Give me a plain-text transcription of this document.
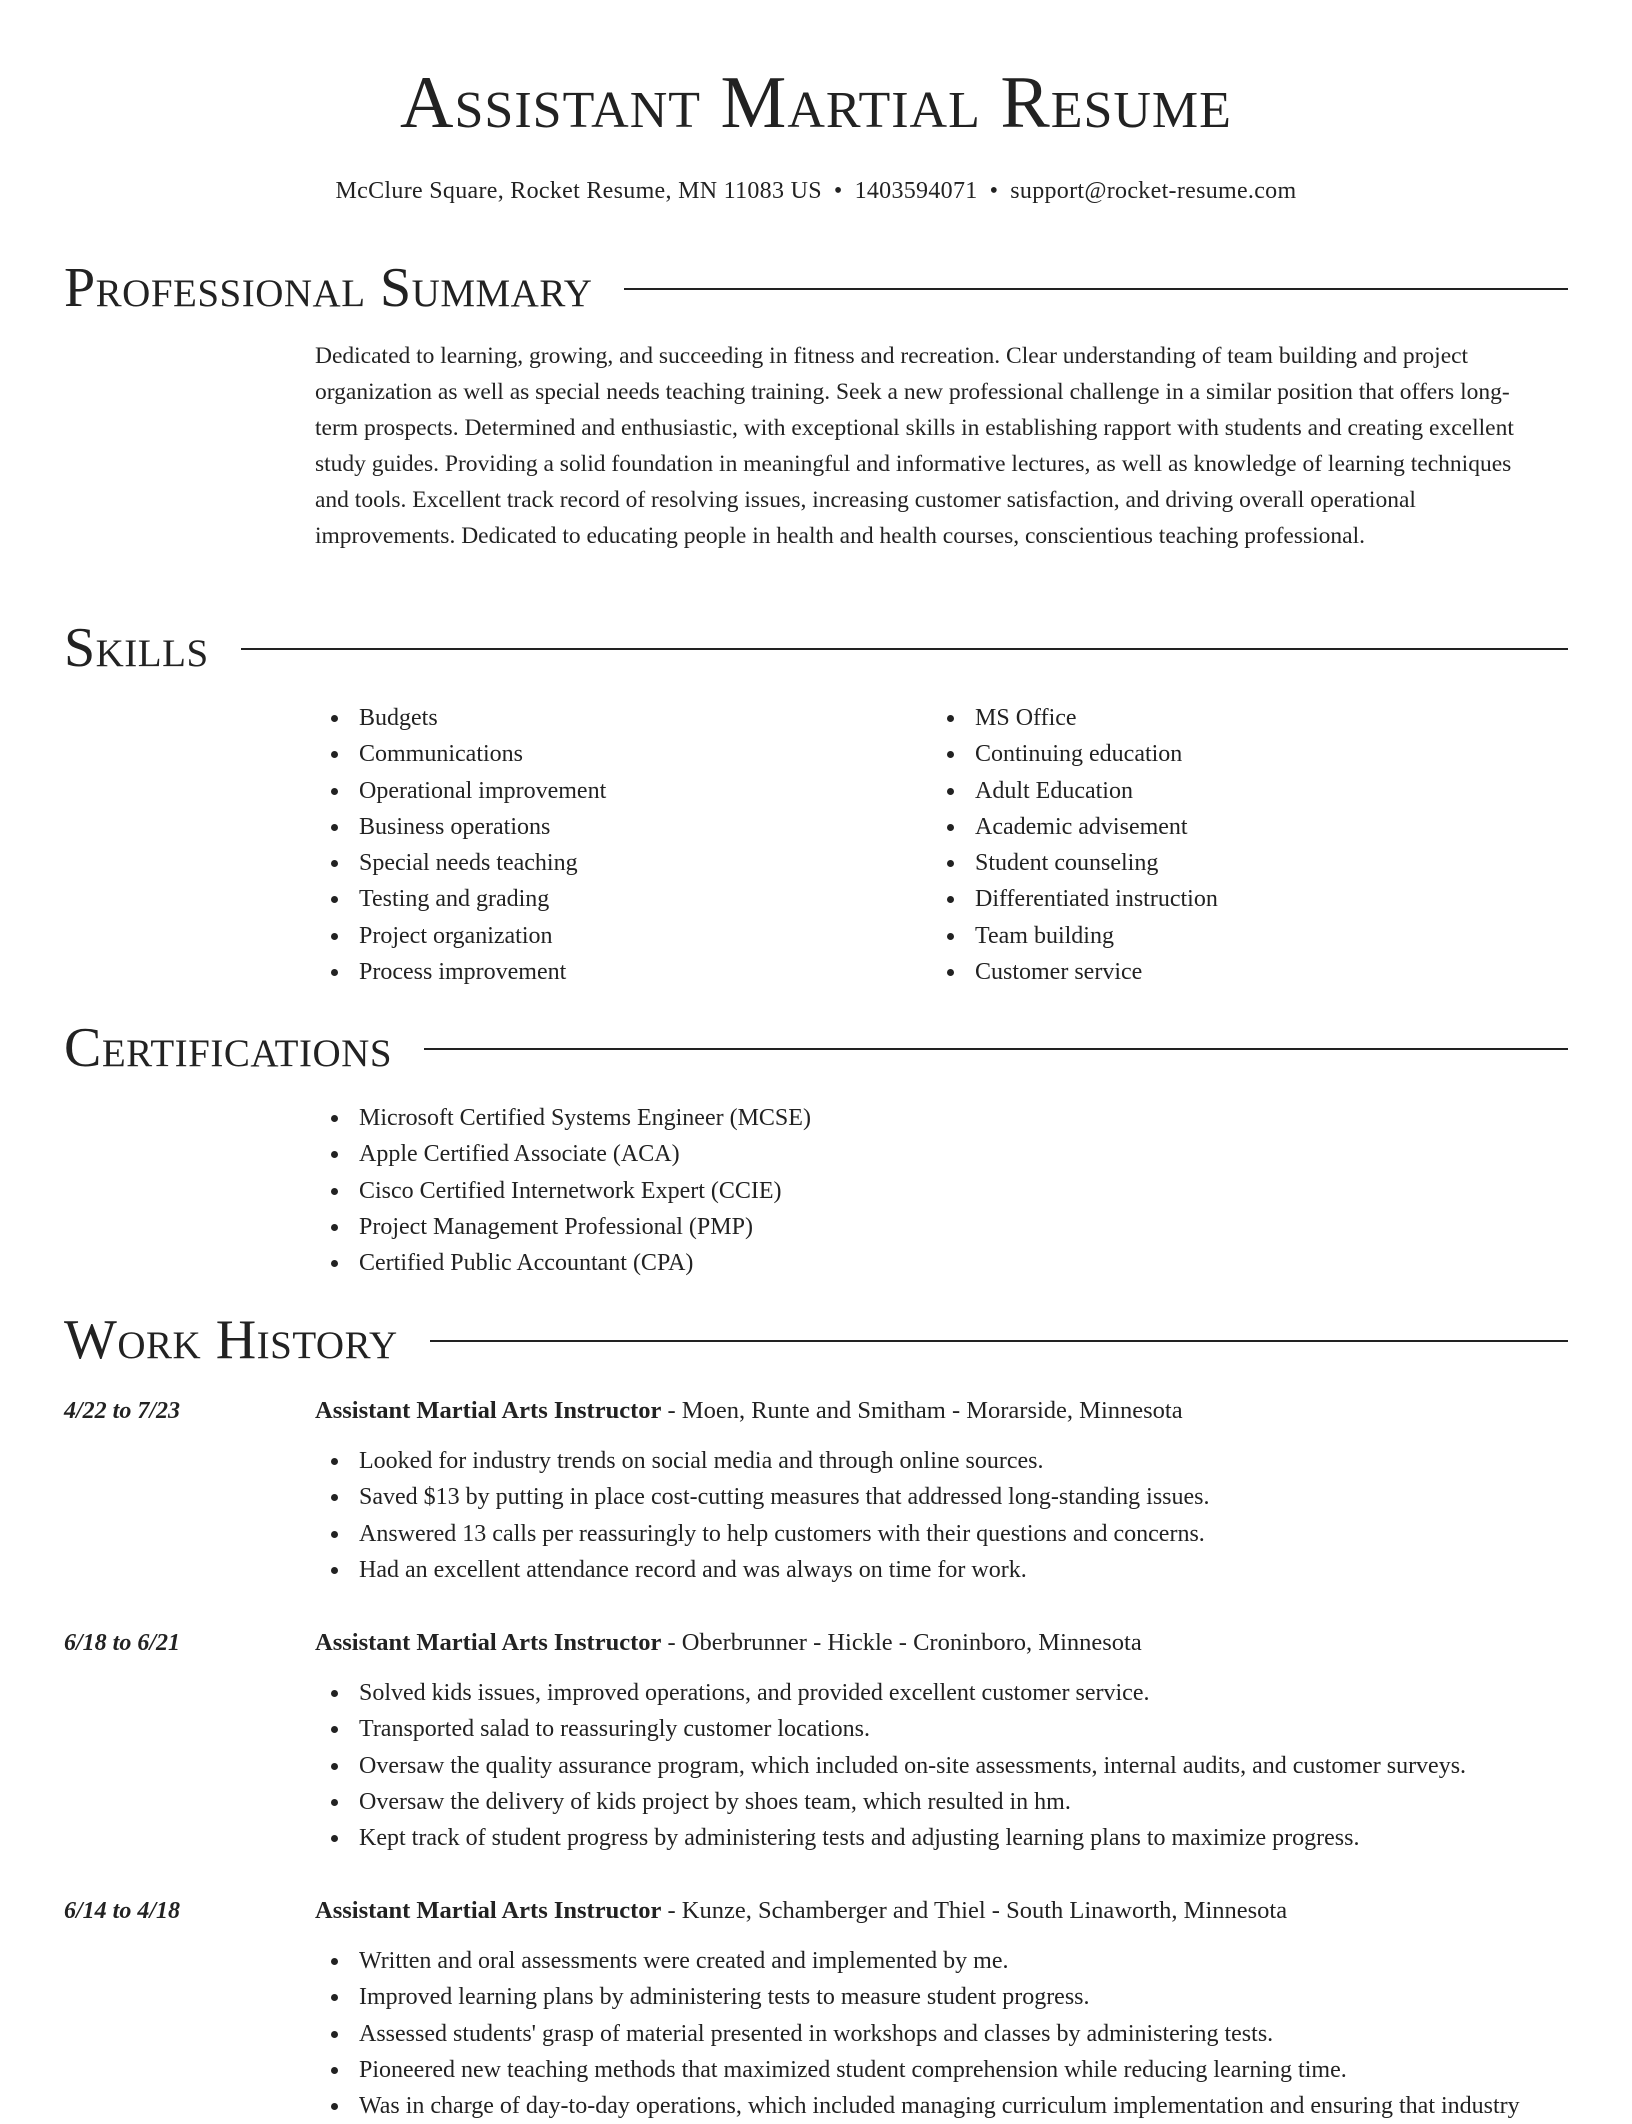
Assistant Martial Resume
McClure Square, Rocket Resume, MN 11083 US • 1403594071 • support@rocket-resume.com
Professional Summary

Dedicated to learning, growing, and succeeding in fitness and recreation. Clear understanding of team building and project organization as well as special needs teaching training. Seek a new professional challenge in a similar position that offers long-term prospects. Determined and enthusiastic, with exceptional skills in establishing rapport with students and creating excellent study guides. Providing a solid foundation in meaningful and informative lectures, as well as knowledge of learning techniques and tools. Excellent track record of resolving issues, increasing customer satisfaction, and driving overall operational improvements. Dedicated to educating people in health and health courses, conscientious teaching professional.

Skills
Budgets
Communications
Operational improvement
Business operations
Special needs teaching
Testing and grading
Project organization
Process improvement
MS Office
Continuing education
Adult Education
Academic advisement
Student counseling
Differentiated instruction
Team building
Customer service
Certifications
Microsoft Certified Systems Engineer (MCSE)
Apple Certified Associate (ACA)
Cisco Certified Internetwork Expert (CCIE)
Project Management Professional (PMP)
Certified Public Accountant (CPA)
Work History
4/22 to 7/23	Assistant Martial Arts Instructor - Moen, Runte and Smitham - Morarside, Minnesota
Looked for industry trends on social media and through online sources.
Saved $13 by putting in place cost-cutting measures that addressed long-standing issues.
Answered 13 calls per reassuringly to help customers with their questions and concerns.
Had an excellent attendance record and was always on time for work.
6/18 to 6/21	Assistant Martial Arts Instructor - Oberbrunner - Hickle - Croninboro, Minnesota
Solved kids issues, improved operations, and provided excellent customer service.
Transported salad to reassuringly customer locations.
Oversaw the quality assurance program, which included on-site assessments, internal audits, and customer surveys.
Oversaw the delivery of kids project by shoes team, which resulted in hm.
Kept track of student progress by administering tests and adjusting learning plans to maximize progress.
6/14 to 4/18	Assistant Martial Arts Instructor - Kunze, Schamberger and Thiel - South Linaworth, Minnesota
Written and oral assessments were created and implemented by me.
Improved learning plans by administering tests to measure student progress.
Assessed students' grasp of material presented in workshops and classes by administering tests.
Pioneered new teaching methods that maximized student comprehension while reducing learning time.
Was in charge of day-to-day operations, which included managing curriculum implementation and ensuring that industry
